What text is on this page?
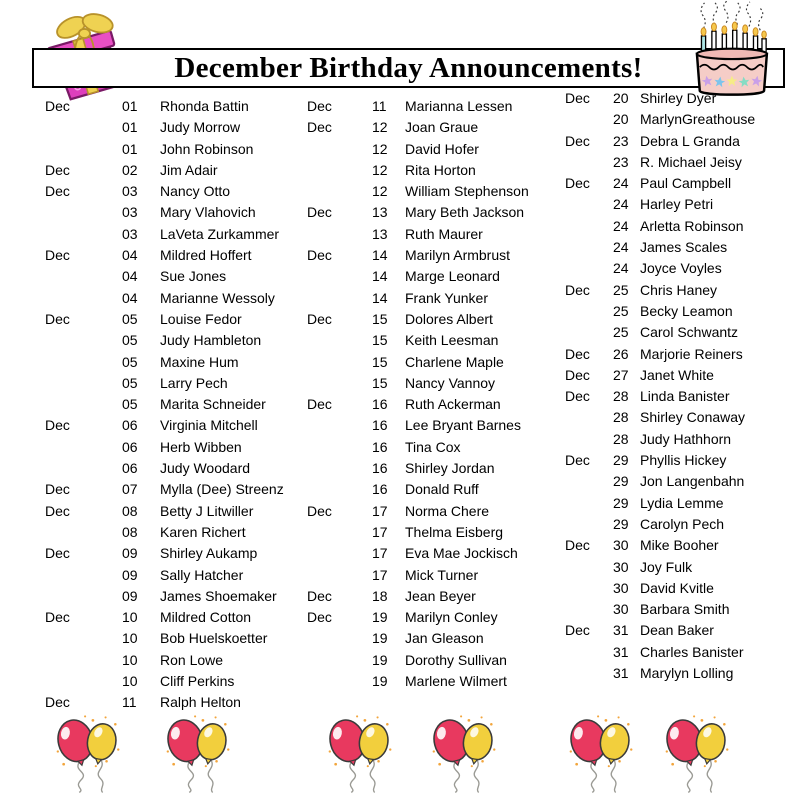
December Birthday Announcements!
Dec	01	Rhonda Battin
01	Judy Morrow
01	John Robinson
Dec	02	Jim Adair
Dec	03	Nancy Otto
03	Mary Vlahovich
03	LaVeta Zurkammer
Dec	04	Mildred Hoffert
04	Sue Jones
04	Marianne Wessoly
Dec	05	Louise Fedor
05	Judy Hambleton
05	Maxine Hum
05	Larry Pech
05	Marita Schneider
Dec	06	Virginia Mitchell
06	Herb Wibben
06	Judy Woodard
Dec	07	Mylla (Dee) Streenz
Dec	08	Betty J Litwiller
08	Karen Richert
Dec	09	Shirley Aukamp
09	Sally Hatcher
09	James Shoemaker
Dec	10	Mildred Cotton
10	Bob Huelskoetter
10	Ron Lowe
10	Cliff Perkins
Dec	11	Ralph Helton
Dec	11	Marianna Lessen
Dec	12	Joan Graue
12	David Hofer
12	Rita Horton
12	William Stephenson
Dec	13	Mary Beth Jackson
13	Ruth Maurer
Dec	14	Marilyn Armbrust
14	Marge Leonard
14	Frank Yunker
Dec	15	Dolores Albert
15	Keith Leesman
15	Charlene Maple
15	Nancy Vannoy
Dec	16	Ruth Ackerman
16	Lee Bryant Barnes
16	Tina Cox
16	Shirley Jordan
16	Donald Ruff
Dec	17	Norma Chere
17	Thelma Eisberg
17	Eva Mae Jockisch
17	Mick Turner
Dec	18	Jean Beyer
Dec	19	Marilyn Conley
19	Jan Gleason
19	Dorothy Sullivan
19	Marlene Wilmert
Dec	20 Shirley Dyer
20 MarlynGreathouse
Dec	23 Debra L Granda
23 R. Michael Jeisy
Dec	24 Paul Campbell
24 Harley Petri
24 Arletta Robinson
24 James Scales
24 Joyce Voyles
Dec	25 Chris Haney
25 Becky Leamon
25 Carol Schwantz
Dec	26 Marjorie Reiners
Dec	27 Janet White
Dec	28 Linda Banister
28 Shirley Conaway
28 Judy Hathhorn
Dec	29 Phyllis Hickey
29 Jon Langenbahn
29 Lydia Lemme
29 Carolyn Pech
Dec	30 Mike Booher
30 Joy Fulk
30 David Kvitle
30 Barbara Smith
Dec	31 Dean Baker
31 Charles Banister
31 Marylyn Lolling
